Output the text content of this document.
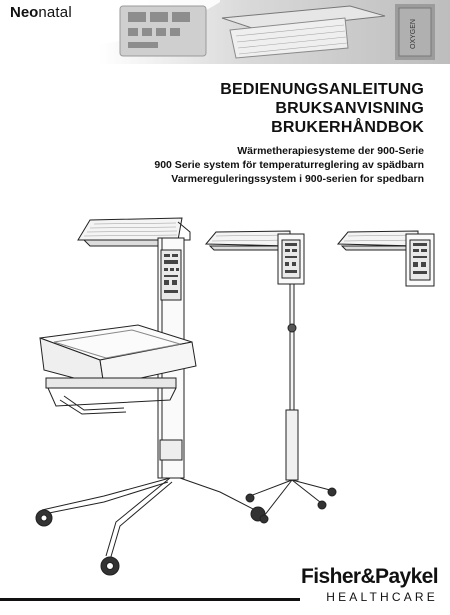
OXYGEN
Neonatal
BEDIENUNGSANLEITUNG
BRUKSANVISNING
BRUKERHÅNDBOK
Wärmetherapiesysteme der 900-Serie
900 Serie system för temperaturreglering av spädbarn
Varmereguleringssystem i 900-serien for spedbarn
Fisher&Paykel
HEALTHCARE
